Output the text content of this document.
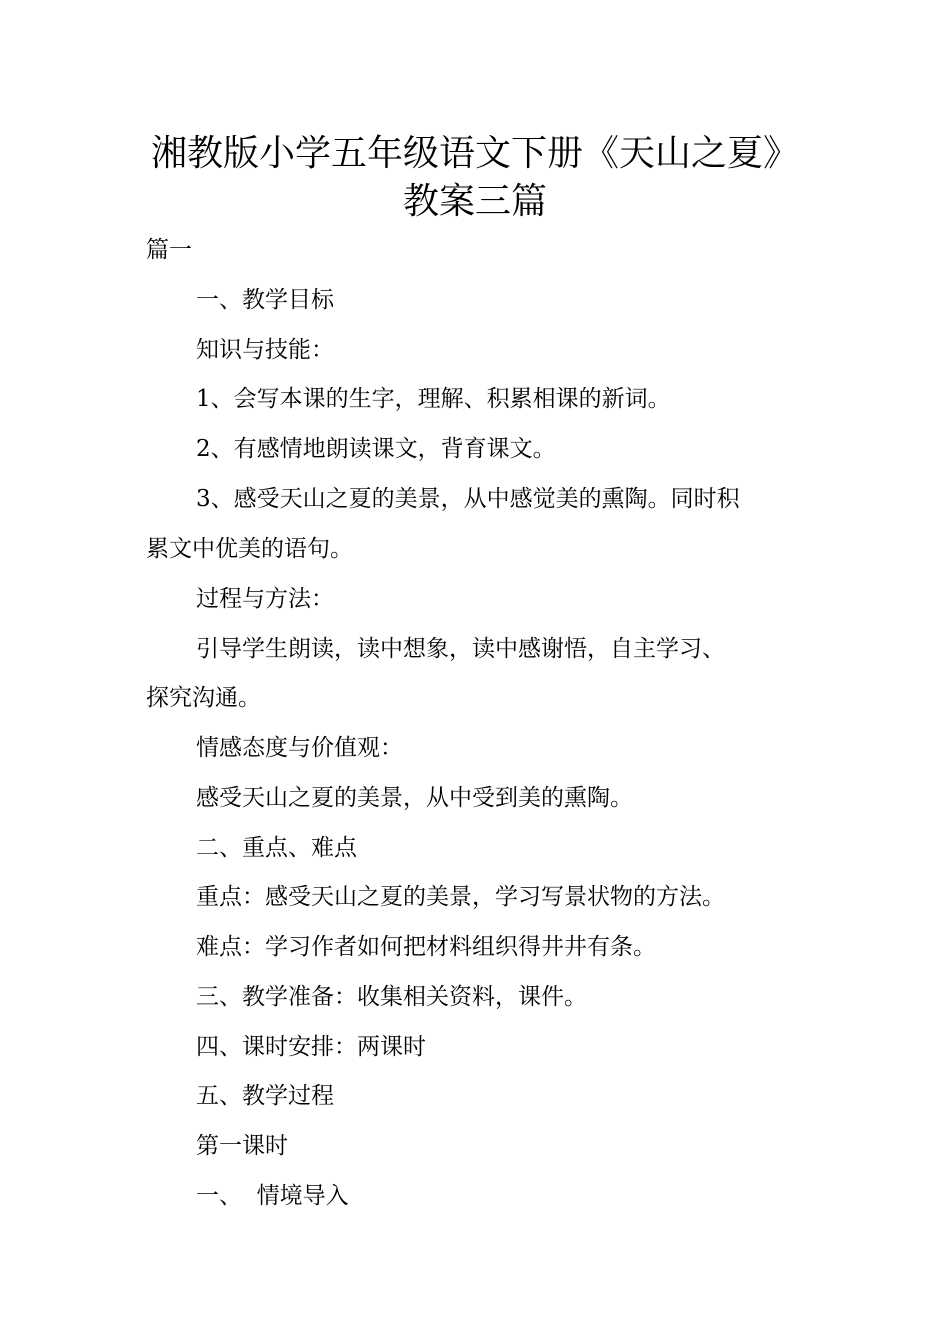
湘教版小学五年级语文下册《天山之夏》
教案三篇
篇一
一、教学目标
知识与技能：
1、会写本课的生字，理解、积累相课的新词。
2、有感情地朗读课文，背育课文。
3、感受天山之夏的美景，从中感觉美的熏陶。同时积
累文中优美的语句。
过程与方法：
引导学生朗读，读中想象，读中感谢悟，自主学习、
探究沟通。
情感态度与价值观：
感受天山之夏的美景，从中受到美的熏陶。
二、重点、难点
重点：感受天山之夏的美景，学习写景状物的方法。
难点：学习作者如何把材料组织得井井有条。
三、教学准备：收集相关资料，课件。
四、课时安排：两课时
五、教学过程
第一课时
一、  情境导入
